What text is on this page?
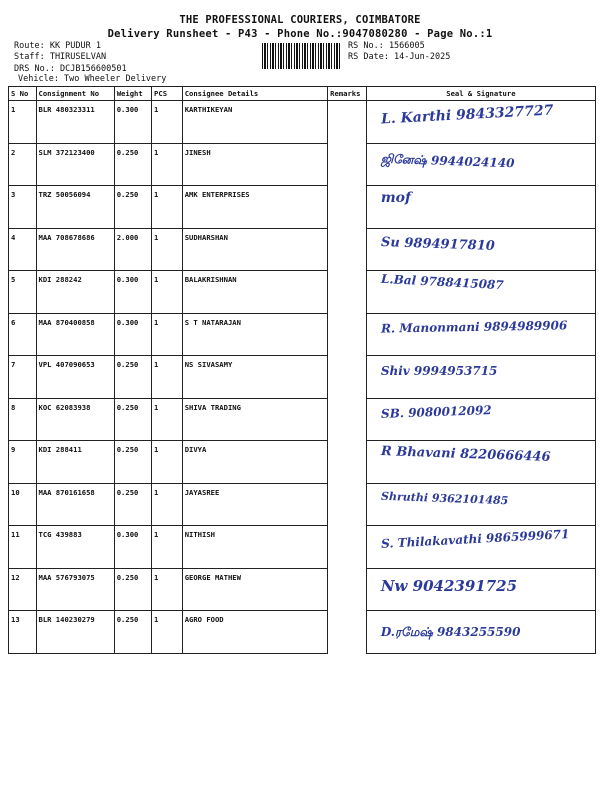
THE PROFESSIONAL COURIERS, COIMBATORE
Delivery Runsheet - P43 - Phone No.:9047080280 - Page No.:1
Route: KK PUDUR 1
Staff: THIRUSELVAN
DRS No.: DCJB156600501
Vehicle: Two Wheeler Delivery
RS No.: 1566005
RS Date: 14-Jun-2025
S No	Consignment No	Weight	PCS	Consignee Details	Remarks	Seal & Signature
1	BLR 480323311	0.300	1	KARTHIKEYAN		L. Karthi 9843327727

2	SLM 372123400	0.250	1	JINESH		ஜினேஷ் 9944024140

3	TRZ 50056094	0.250	1	AMK ENTERPRISES		mof

4	MAA 708678686	2.000	1	SUDHARSHAN		Su 9894917810

5	KDI 288242	0.300	1	BALAKRISHNAN		L.Bal 9788415087

6	MAA 870400858	0.300	1	S T NATARAJAN		R. Manonmani 9894989906

7	VPL 407090653	0.250	1	NS SIVASAMY		Shiv 9994953715

8	KOC 62083938	0.250	1	SHIVA TRADING		SB. 9080012092

9	KDI 288411	0.250	1	DIVYA		R Bhavani 8220666446

10	MAA 870161658	0.250	1	JAYASREE		Shruthi 9362101485

11	TCG 439883	0.300	1	NITHISH		S. Thilakavathi 9865999671

12	MAA 576793075	0.250	1	GEORGE MATHEW		Nw 9042391725

13	BLR 140230279	0.250	1	AGRO FOOD		D.ரமேஷ் 9843255590
